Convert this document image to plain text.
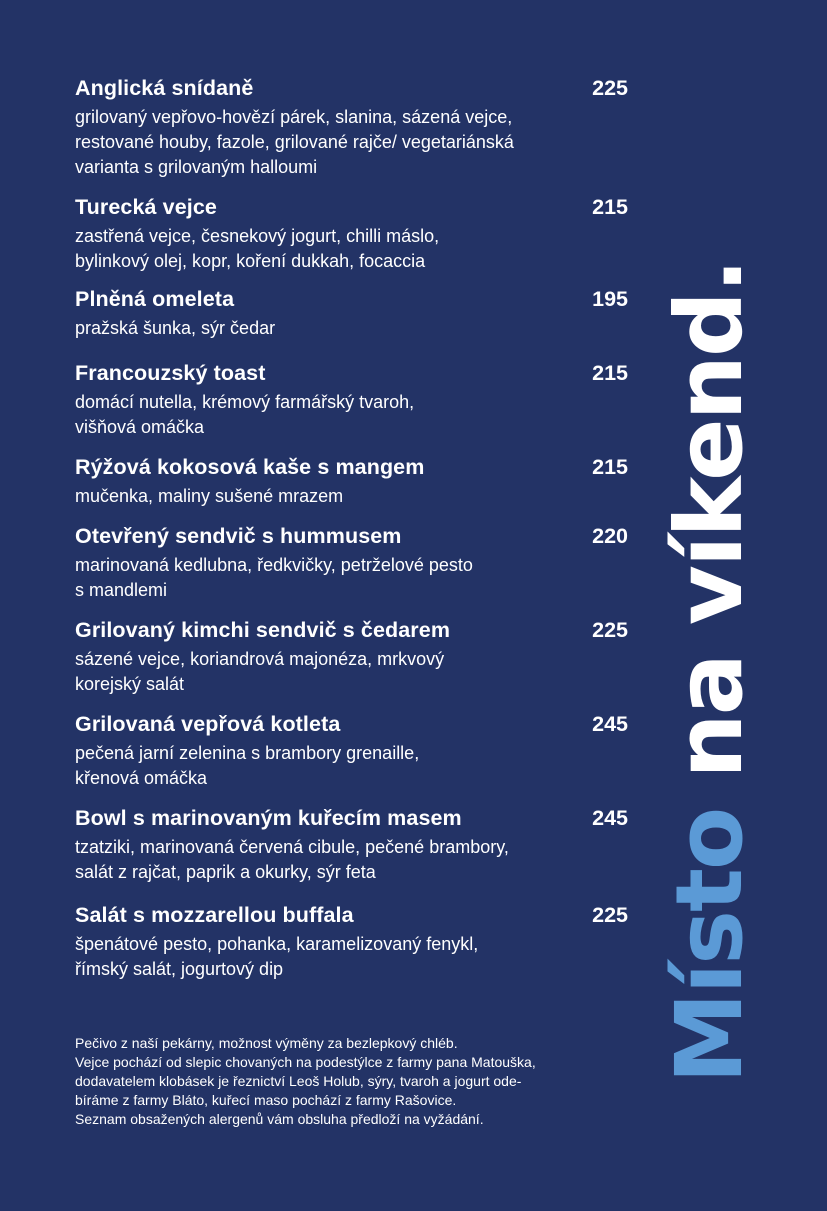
Anglická snídaně	225
grilovaný vepřovo-hovězí párek, slanina, sázená vejce,
restované houby, fazole, grilované rajče/ vegetariánská
varianta s grilovaným halloumi
Turecká vejce	215
zastřená vejce, česnekový jogurt, chilli máslo,
bylinkový olej, kopr, koření dukkah, focaccia
Plněná omeleta	195
pražská šunka, sýr čedar
Francouzský toast	215
domácí nutella, krémový farmářský tvaroh,
višňová omáčka
Rýžová kokosová kaše s mangem	215
mučenka, maliny sušené mrazem
Otevřený sendvič s hummusem	220
marinovaná kedlubna, ředkvičky, petrželové pesto
s mandlemi
Grilovaný kimchi sendvič s čedarem	225
sázené vejce, koriandrová majonéza, mrkvový
korejský salát
Grilovaná vepřová kotleta	245
pečená jarní zelenina s brambory grenaille,
křenová omáčka
Bowl s marinovaným kuřecím masem	245
tzatziki, marinovaná červená cibule, pečené brambory,
salát z rajčat, paprik a okurky, sýr feta
Salát s mozzarellou buffala	225
špenátové pesto, pohanka, karamelizovaný fenykl,
římský salát, jogurtový dip
Pečivo z naší pekárny, možnost výměny za bezlepkový chléb.
Vejce pochází od slepic chovaných na podestýlce z farmy pana Matouška,
dodavatelem klobásek je řeznictví Leoš Holub, sýry, tvaroh a jogurt ode-
bíráme z farmy Bláto, kuřecí maso pochází z farmy Rašovice.
Seznam obsažených alergenů vám obsluha předloží na vyžádání.
Místo na víkend.
